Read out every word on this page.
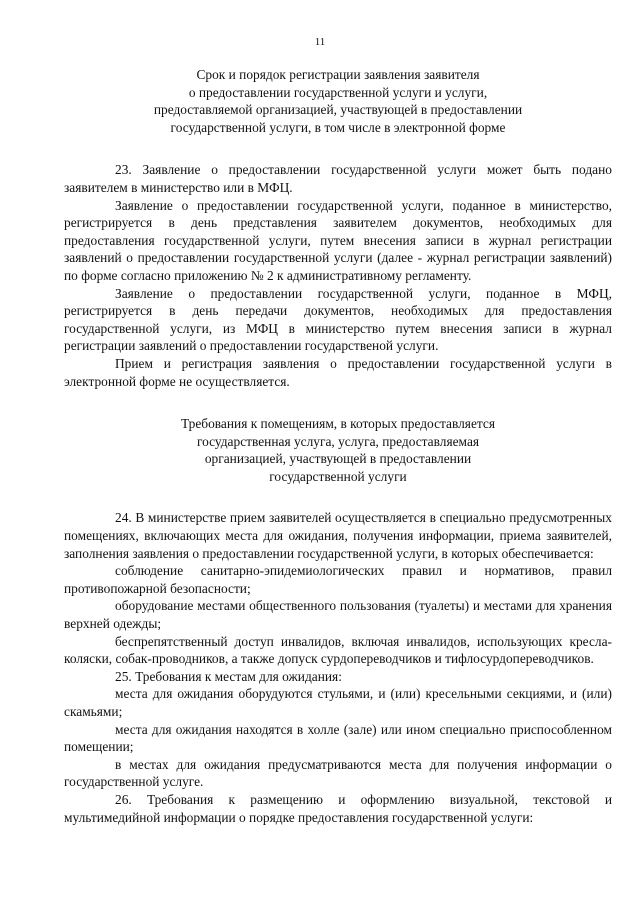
11
Срок и порядок регистрации заявления заявителя
о предоставлении государственной услуги и услуги,
предоставляемой организацией, участвующей в предоставлении
государственной услуги, в том числе в электронной форме

23. Заявление о предоставлении государственной услуги может быть подано заявителем в министерство или в МФЦ.

Заявление о предоставлении государственной услуги, поданное в министерство, регистрируется в день представления заявителем документов, необходимых для предоставления государственной услуги, путем внесения записи в журнал регистрации заявлений о предоставлении государственной услуги (далее - журнал регистрации заявлений) по форме согласно приложению № 2 к административному регламенту.

Заявление о предоставлении государственной услуги, поданное в МФЦ, регистрируется в день передачи документов, необходимых для предоставления государственной услуги, из МФЦ в министерство путем внесения записи в журнал регистрации заявлений о предоставлении государственой услуги.

Прием и регистрация заявления о предоставлении государственной услуги в электронной форме не осуществляется.

Требования к помещениям, в которых предоставляется
государственная услуга, услуга, предоставляемая
организацией, участвующей в предоставлении
государственной услуги

24. В министерстве прием заявителей осуществляется в специально предусмотренных помещениях, включающих места для ожидания, получения информации, приема заявителей, заполнения заявления о предоставлении государственной услуги, в которых обеспечивается:

соблюдение санитарно-эпидемиологических правил и нормативов, правил противопожарной безопасности;

оборудование местами общественного пользования (туалеты) и местами для хранения верхней одежды;

беспрепятственный доступ инвалидов, включая инвалидов, использующих кресла-коляски, собак-проводников, а также допуск сурдопереводчиков и тифлосурдопереводчиков.

25. Требования к местам для ожидания:

места для ожидания оборудуются стульями, и (или) кресельными секциями, и (или) скамьями;

места для ожидания находятся в холле (зале) или ином специально приспособленном помещении;

в местах для ожидания предусматриваются места для получения информации о государственной услуге.

26. Требования к размещению и оформлению визуальной, текстовой и мультимедийной информации о порядке предоставления государственной услуги:
